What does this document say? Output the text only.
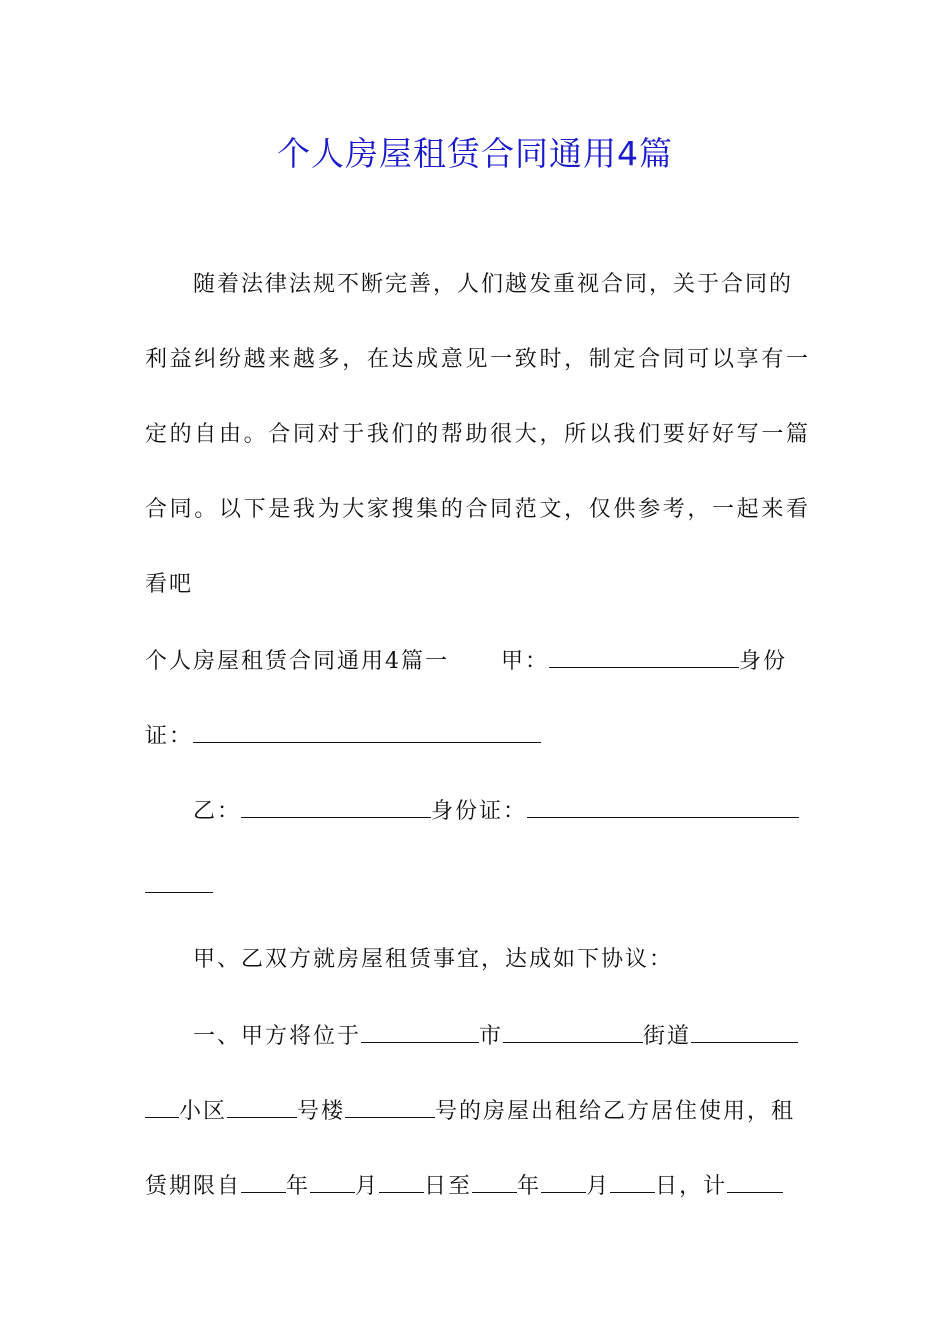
个人房屋租赁合同通用4篇
随着法律法规不断完善，人们越发重视合同，关于合同的
利益纠纷越来越多，在达成意见一致时，制定合同可以享有一
定的自由。合同对于我们的帮助很大，所以我们要好好写一篇
合同。以下是我为大家搜集的合同范文，仅供参考，一起来看
看吧
个人房屋租赁合同通用4篇一 甲：	身份
证：
乙：	身份证：
甲、乙双方就房屋租赁事宜，达成如下协议：
一、甲方将位于	市	街道
小区	号楼	号的房屋出租给乙方居住使用，租
赁期限自 年 月 日至 年 月 日，计
